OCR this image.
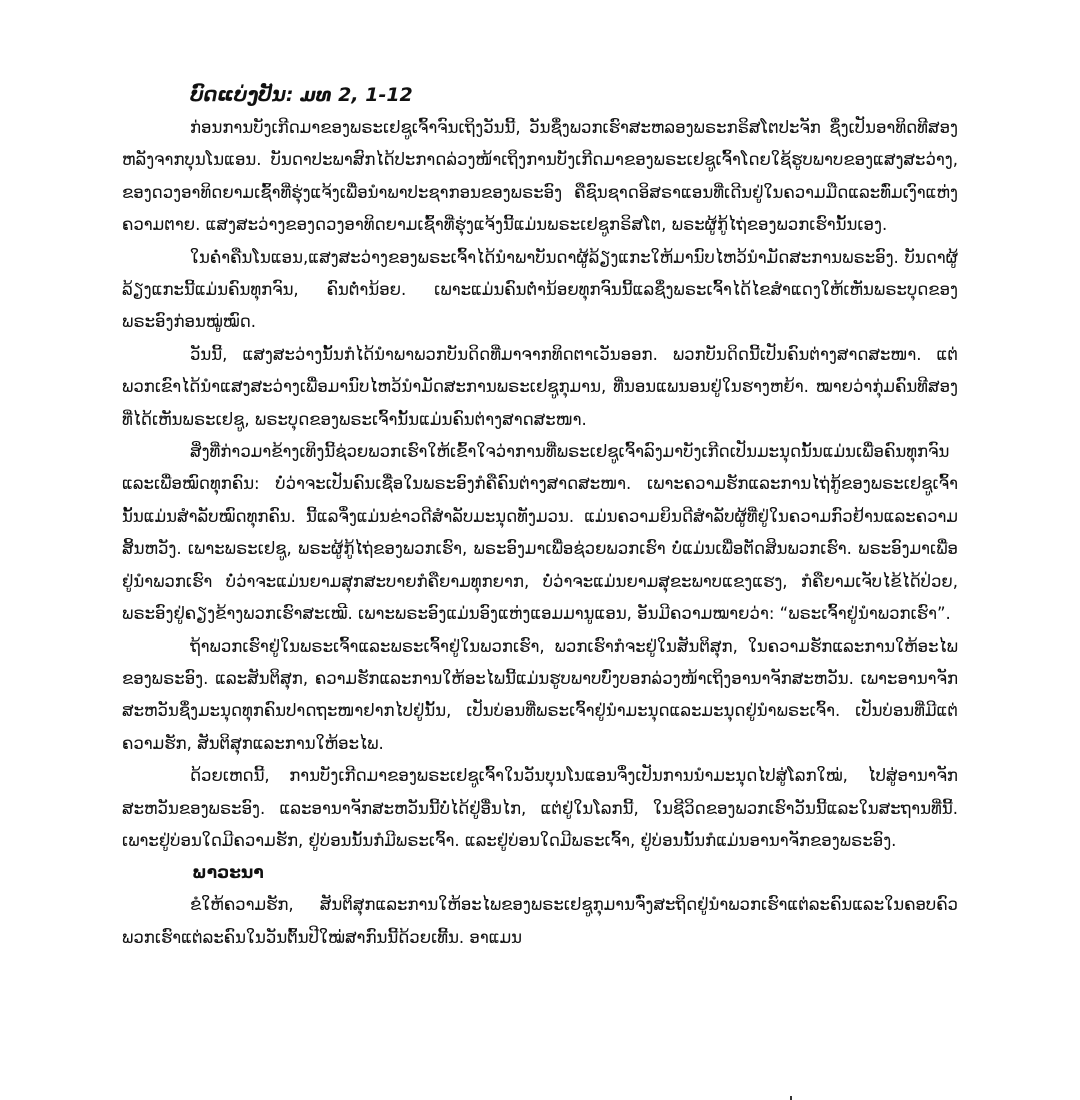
ບົດແບ່ງປັນ: ມທ 2, 1-12

ກ່ອນການບັງເກີດມາຂອງພຣະເຢຊູເຈົ້າຈົນເຖິງວັນນີ້, ວັນຊຶ່ງພວກເຮົາສະຫລອງພຣະກຣິສໂຕປະຈັກ ຊຶ່ງເປັນອາທິດທີສອງຫລັງຈາກບຸນໂນແອນ. ບັນດາປະພາສົກໄດ້ປະກາດລ່ວງໜ້າເຖິງການບັງເກີດມາຂອງພຣະເຢຊູເຈົ້າໂດຍໃຊ້ຮູບພາບຂອງແສງສະວ່າງ, ຂອງດວງອາທິດຍາມເຊົ້າທີ່ຮຸ່ງແຈ້ງເພື່ອນຳພາປະຊາກອນຂອງພຣະອົງ ຄືຊົນຊາດອິສຣາແອນທີ່ເດີນຢູ່ໃນຄວາມມືດແລະທົ່ມເງົາແຫ່ງຄວາມຕາຍ. ແສງສະວ່າງຂອງດວງອາທິດຍາມເຊົ້າທີ່ຮຸ່ງແຈ້ງນີ້ແມ່ນພຣະເຢຊູກຣິສໂຕ, ພຣະຜູ້ກູ້ໄຖ່ຂອງພວກເຮົານັ້ນເອງ.

ໃນຄ່ຳຄືນໂນແອນ,ແສງສະວ່າງຂອງພຣະເຈົ້າໄດ້ນຳພາບັນດາຜູ້ລ້ຽງແກະໃຫ້ມານົບໄຫວ້ນຳມັດສະການພຣະອົງ. ບັນດາຜູ້ລ້ຽງແກະນີ້ແມ່ນຄົນທຸກຈົນ, ຄົນຕ່ຳນ້ອຍ. ເພາະແມ່ນຄົນຕ່ຳນ້ອຍທຸກຈົນນີ້ແລຊຶ່ງພຣະເຈົ້າໄດ້ໄຂສຳແດງໃຫ້ເຫັນພຣະບຸດຂອງພຣະອົງກ່ອນໝູ່ໝົດ.

ວັນນີ້, ແສງສະວ່າງນັ້ນກໍໄດ້ນຳພາພວກບັນດິດທີ່ມາຈາກທິດຕາເວັນອອກ. ພວກບັນດິດນີ້ເປັນຄົນຕ່າງສາດສະໜາ. ແຕ່ພວກເຂົາໄດ້ນຳແສງສະວ່າງເພື່ອມານົບໄຫວ້ນຳມັດສະການພຣະເຢຊູກຸມານ, ທີ່ນອນແພນອນຢູ່ໃນຮາງຫຍ້າ. ໝາຍວ່າກຸ່ມຄົນທີສອງທີ່ໄດ້ເຫັນພຣະເຢຊູ, ພຣະບຸດຂອງພຣະເຈົ້ານັ້ນແມ່ນຄົນຕ່າງສາດສະໜາ.

ສິ່ງທີ່ກ່າວມາຂ້າງເທິງນີ້ຊ່ວຍພວກເຮົາໃຫ້ເຂົ້າໃຈວ່າການທີ່ພຣະເຢຊູເຈົ້າລົງມາບັງເກີດເປັນມະນຸດນັ້ນແມ່ນເພື່ອຄົນທຸກຈົນແລະເພື່ອໝົດທຸກຄົນ: ບໍ່ວ່າຈະເປັນຄົນເຊື່ອໃນພຣະອົງກໍຄືຄົນຕ່າງສາດສະໜາ. ເພາະຄວາມຮັກແລະການໄຖ່ກູ້ຂອງພຣະເຢຊູເຈົ້ານັ້ນແມ່ນສຳລັບໝົດທຸກຄົນ. ນີ້ແລຈຶ່ງແມ່ນຂ່າວດີສຳລັບມະນຸດທັງມວນ. ແມ່ນຄວາມຍິນດີສຳລັບຜູ້ທີ່ຢູ່ໃນຄວາມກົວຢ້ານແລະຄວາມສິ້ນຫວັງ. ເພາະພຣະເຢຊູ, ພຣະຜູ້ກູ້ໄຖ່ຂອງພວກເຮົາ, ພຣະອົງມາເພື່ອຊ່ວຍພວກເຮົາ ບໍ່ແມ່ນເພື່ອຕັດສິນພວກເຮົາ. ພຣະອົງມາເພື່ອຢູ່ນຳພວກເຮົາ ບໍ່ວ່າຈະແມ່ນຍາມສຸກສະບາຍກໍຄືຍາມທຸກຍາກ, ບໍ່ວ່າຈະແມ່ນຍາມສຸຂະພາບແຂງແຮງ, ກໍຄືຍາມເຈັບໄຂ້ໄດ້ປ່ວຍ, ພຣະອົງຢູ່ຄຽງຂ້າງພວກເຮົາສະເໝີ. ເພາະພຣະອົງແມ່ນອົງແຫ່ງແອມມານູແອນ, ອັນມີຄວາມໝາຍວ່າ: “ພຣະເຈົ້າຢູ່ນຳພວກເຮົາ”.

ຖ້າພວກເຮົາຢູ່ໃນພຣະເຈົ້າແລະພຣະເຈົ້າຢູ່ໃນພວກເຮົາ, ພວກເຮົາກໍຈະຢູ່ໃນສັນຕິສຸກ, ໃນຄວາມຮັກແລະການໃຫ້ອະໄພຂອງພຣະອົງ. ແລະສັນຕິສຸກ, ຄວາມຮັກແລະການໃຫ້ອະໄພນີ້ແມ່ນຮູບພາບບົ່ງບອກລ່ວງໜ້າເຖິງອານາຈັກສະຫວັນ. ເພາະອານາຈັກສະຫວັນຊຶ່ງມະນຸດທຸກຄົນປາດຖະໜາຢາກໄປຢູ່ນັ້ນ, ເປັນບ່ອນທີ່ພຣະເຈົ້າຢູ່ນຳມະນຸດແລະມະນຸດຢູ່ນຳພຣະເຈົ້າ. ເປັນບ່ອນທີ່ມີແຕ່ຄວາມຮັກ, ສັນຕິສຸກແລະການໃຫ້ອະໄພ.

ດ້ວຍເຫດນີ້, ການບັງເກີດມາຂອງພຣະເຢຊູເຈົ້າໃນວັນບຸນໂນແອນຈຶ່ງເປັນການນຳມະນຸດໄປສູ່ໂລກໃໝ່, ໄປສູ່ອານາຈັກສະຫວັນຂອງພຣະອົງ. ແລະອານາຈັກສະຫວັນນີ້ບໍ່ໄດ້ຢູ່ອື່ນໄກ, ແຕ່ຢູ່ໃນໂລກນີ້, ໃນຊີວິດຂອງພວກເຮົາວັນນີ້ແລະໃນສະຖານທີ່ນີ້. ເພາະຢູ່ບ່ອນໃດມີຄວາມຮັກ, ຢູ່ບ່ອນນັ້ນກໍມີພຣະເຈົ້າ. ແລະຢູ່ບ່ອນໃດມີພຣະເຈົ້າ, ຢູ່ບ່ອນນັ້ນກໍແມ່ນອານາຈັກຂອງພຣະອົງ.

ພາວະນາ

ຂໍໃຫ້ຄວາມຮັກ, ສັນຕິສຸກແລະການໃຫ້ອະໄພຂອງພຣະເຢຊູກຸມານຈົ່ງສະຖິດຢູ່ນຳພວກເຮົາແຕ່ລະຄົນແລະໃນຄອບຄົວພວກເຮົາແຕ່ລະຄົນໃນວັນຕົ້ນປີໃໝ່ສາກົນນີ້ດ້ວຍເທີ້ນ. ອາແມນ
